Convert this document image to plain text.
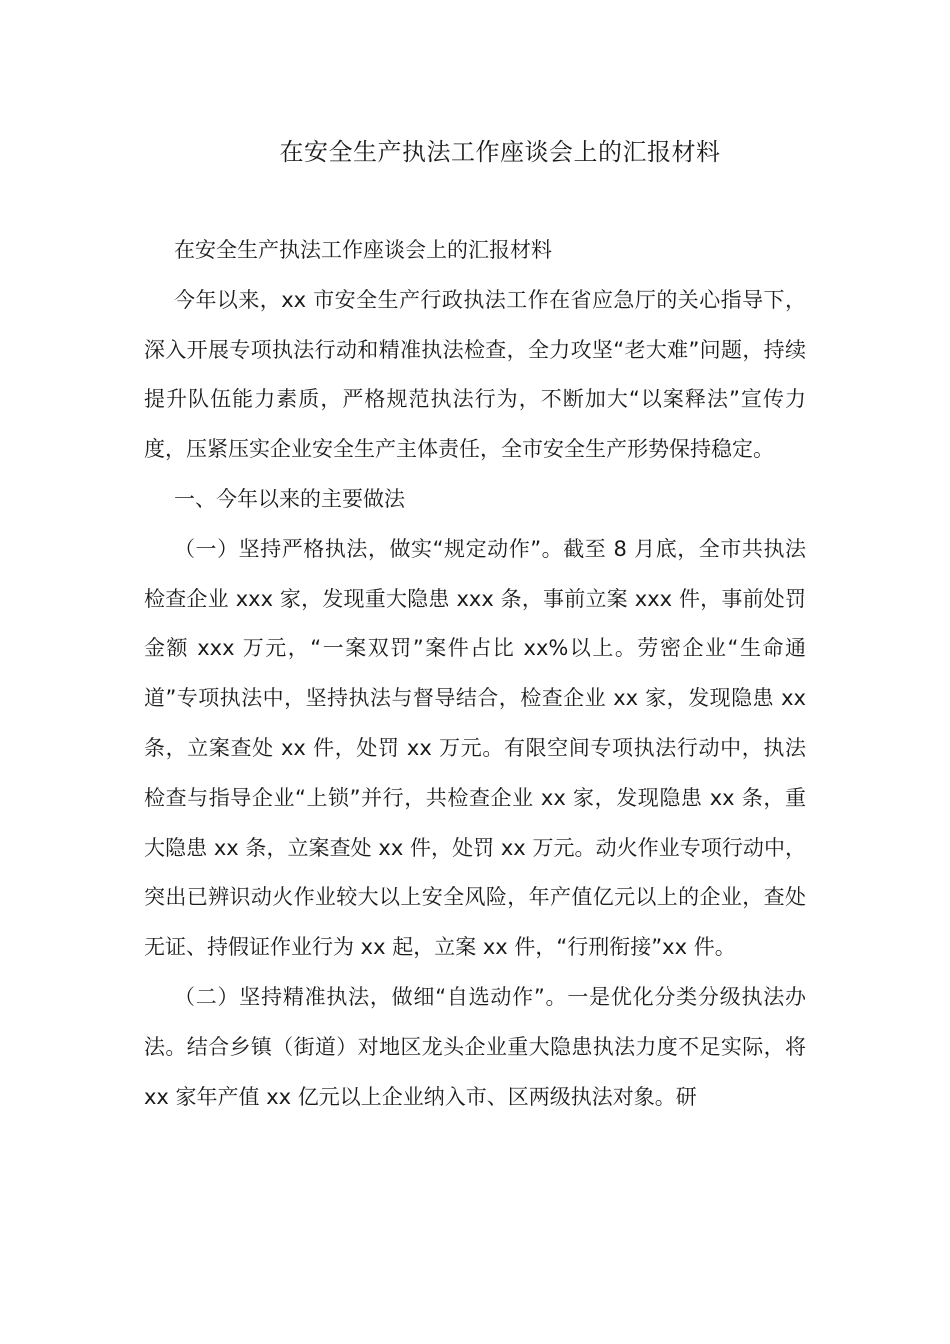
在安全生产执法工作座谈会上的汇报材料

在安全生产执法工作座谈会上的汇报材料

今年以来，xx 市安全生产行政执法工作在省应急厅的关心指导下，深入开展专项执法行动和精准执法检查，全力攻坚“老大难”问题，持续提升队伍能力素质，严格规范执法行为，不断加大“以案释法”宣传力度，压紧压实企业安全生产主体责任，全市安全生产形势保持稳定。

一、今年以来的主要做法

（一）坚持严格执法，做实“规定动作”。截至 8 月底，全市共执法检查企业 xxx 家，发现重大隐患 xxx 条，事前立案 xxx 件，事前处罚金额 xxx 万元，“一案双罚”案件占比 xx%以上。劳密企业“生命通道”专项执法中，坚持执法与督导结合，检查企业 xx 家，发现隐患 xx 条，立案查处 xx 件，处罚 xx 万元。有限空间专项执法行动中，执法检查与指导企业“上锁”并行，共检查企业 xx 家，发现隐患 xx 条，重大隐患 xx 条，立案查处 xx 件，处罚 xx 万元。动火作业专项行动中，突出已辨识动火作业较大以上安全风险，年产值亿元以上的企业，查处无证、持假证作业行为 xx 起，立案 xx 件，“行刑衔接”xx 件。

（二）坚持精准执法，做细“自选动作”。一是优化分类分级执法办法。结合乡镇（街道）对地区龙头企业重大隐患执法力度不足实际，将 xx 家年产值 xx 亿元以上企业纳入市、区两级执法对象。研
